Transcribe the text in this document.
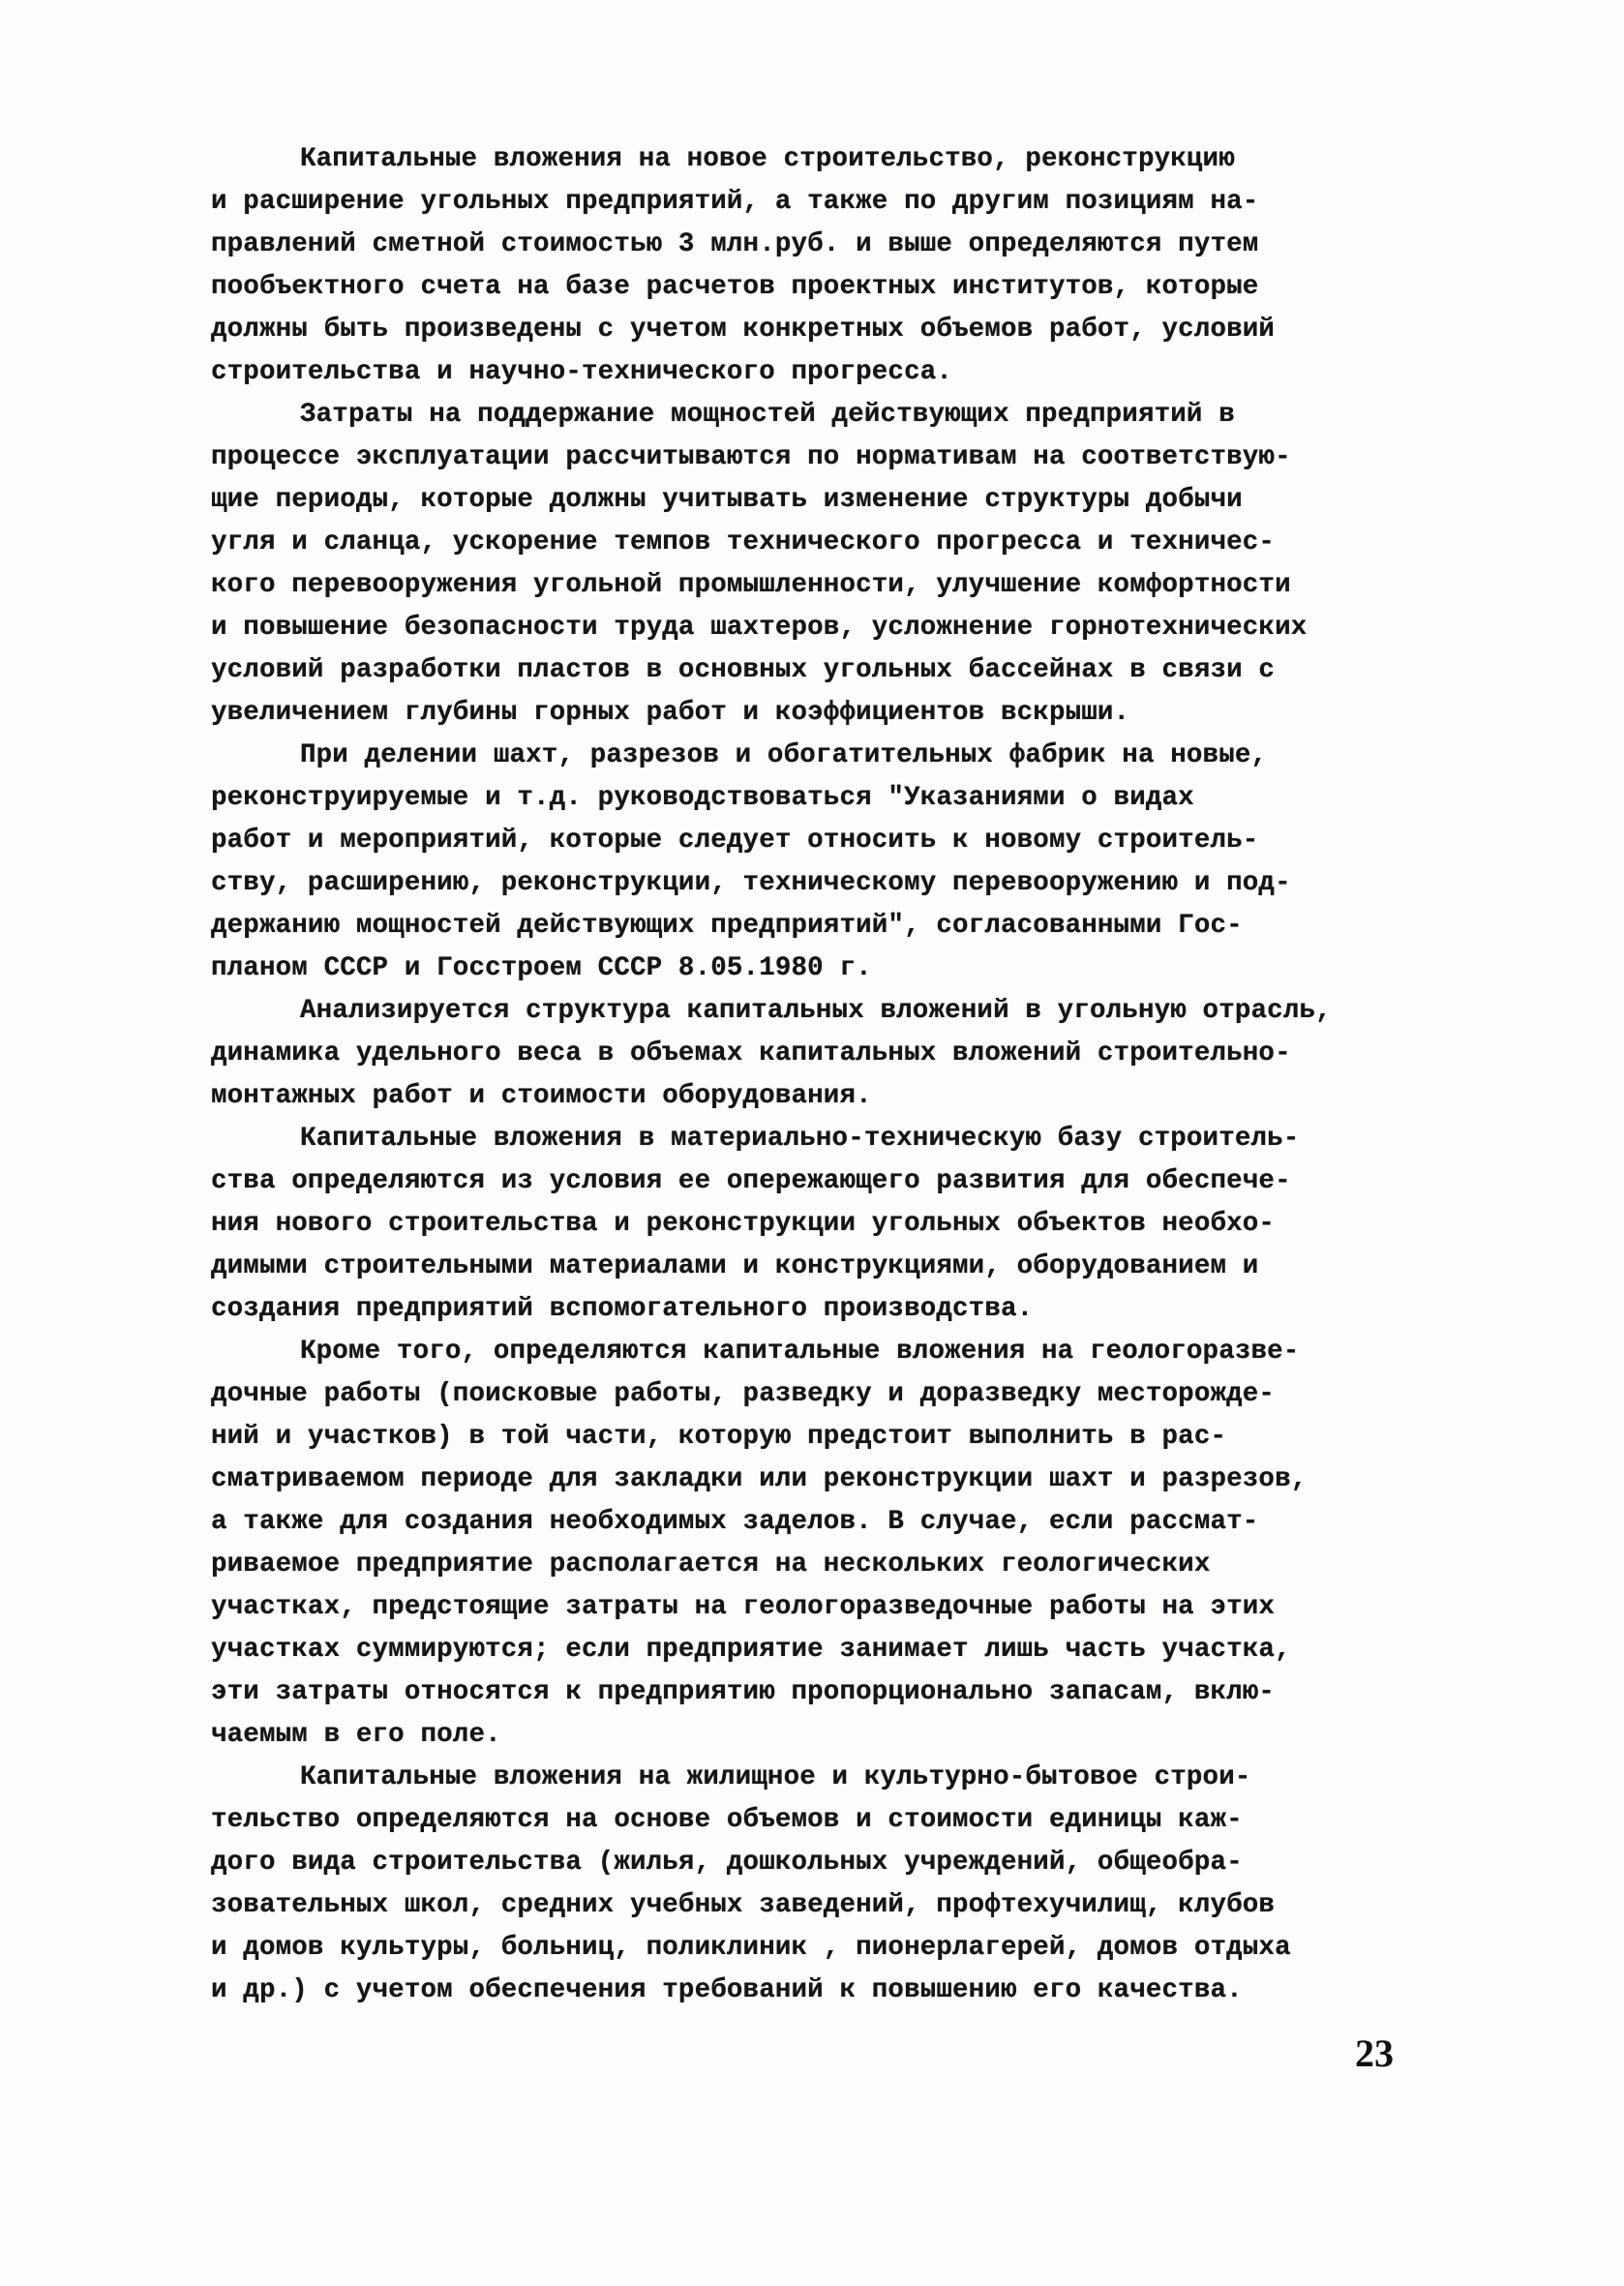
Капитальные вложения на новое строительство, реконструкцию
и расширение угольных предприятий, а также по другим позициям на-
правлений сметной стоимостью 3 млн.руб. и выше определяются путем
пообъектного счета на базе расчетов проектных институтов, которые
должны быть произведены с учетом конкретных объемов работ, условий
строительства и научно-технического прогресса.
Затраты на поддержание мощностей действующих предприятий в
процессе эксплуатации рассчитываются по нормативам на соответствую-
щие периоды, которые должны учитывать изменение структуры добычи
угля и сланца, ускорение темпов технического прогресса и техничес-
кого перевооружения угольной промышленности, улучшение комфортности
и повышение безопасности труда шахтеров, усложнение горнотехнических
условий разработки пластов в основных угольных бассейнах в связи с
увеличением глубины горных работ и коэффициентов вскрыши.
При делении шахт, разрезов и обогатительных фабрик на новые,
реконструируемые и т.д. руководствоваться "Указаниями о видах
работ и мероприятий, которые следует относить к новому строитель-
ству, расширению, реконструкции, техническому перевооружению и под-
держанию мощностей действующих предприятий", согласованными Гос-
планом СССР и Госстроем СССР 8.05.1980 г.
Анализируется структура капитальных вложений в угольную отрасль,
динамика удельного веса в объемах капитальных вложений строительно-
монтажных работ и стоимости оборудования.
Капитальные вложения в материально-техническую базу строитель-
ства определяются из условия ее опережающего развития для обеспече-
ния нового строительства и реконструкции угольных объектов необхо-
димыми строительными материалами и конструкциями, оборудованием и
создания предприятий вспомогательного производства.
Кроме того, определяются капитальные вложения на геологоразве-
дочные работы (поисковые работы, разведку и доразведку месторожде-
ний и участков) в той части, которую предстоит выполнить в рас-
сматриваемом периоде для закладки или реконструкции шахт и разрезов,
а также для создания необходимых заделов. В случае, если рассмат-
риваемое предприятие располагается на нескольких геологических
участках, предстоящие затраты на геологоразведочные работы на этих
участках суммируются; если предприятие занимает лишь часть участка,
эти затраты относятся к предприятию пропорционально запасам, вклю-
чаемым в его поле.
Капитальные вложения на жилищное и культурно-бытовое строи-
тельство определяются на основе объемов и стоимости единицы каж-
дого вида строительства (жилья, дошкольных учреждений, общеобра-
зовательных школ, средних учебных заведений, профтехучилищ, клубов
и домов культуры, больниц, поликлиник , пионерлагерей, домов отдыха
и др.) с учетом обеспечения требований к повышению его качества.
23
